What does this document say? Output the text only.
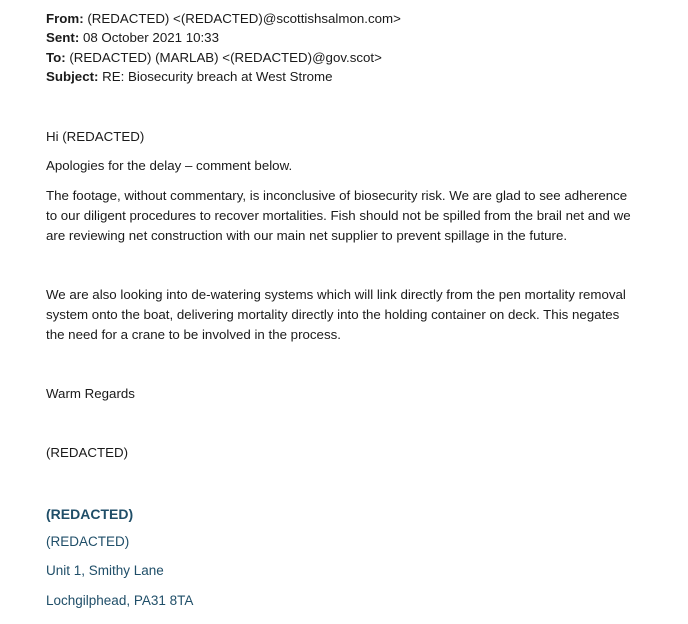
From: (REDACTED) <(REDACTED)@scottishsalmon.com>
Sent: 08 October 2021 10:33
To: (REDACTED) (MARLAB) <(REDACTED)@gov.scot>
Subject: RE: Biosecurity breach at West Strome
Hi (REDACTED)
Apologies for the delay – comment below.
The footage, without commentary, is inconclusive of biosecurity risk. We are glad to see adherence
to our diligent procedures to recover mortalities. Fish should not be spilled from the brail net and we
are reviewing net construction with our main net supplier to prevent spillage in the future.
We are also looking into de-watering systems which will link directly from the pen mortality removal
system onto the boat, delivering mortality directly into the holding container on deck. This negates
the need for a crane to be involved in the process.
Warm Regards
(REDACTED)
(REDACTED)
(REDACTED)
Unit 1, Smithy Lane
Lochgilphead, PA31 8TA
